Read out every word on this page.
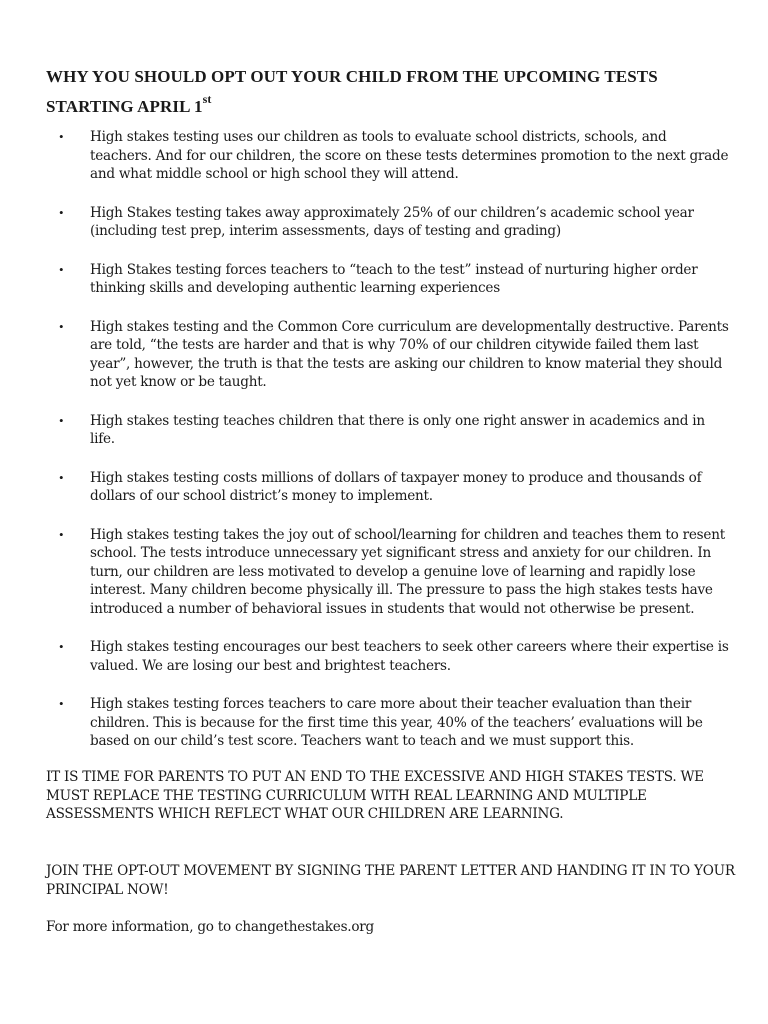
WHY YOU SHOULD OPT OUT YOUR CHILD FROM THE UPCOMING TESTS STARTING APRIL 1st
• High stakes testing uses our children as tools to evaluate school districts, schools, and teachers. And for our children, the score on these tests determines promotion to the next grade and what middle school or high school they will attend.
• High Stakes testing takes away approximately 25% of our children’s academic school year (including test prep, interim assessments, days of testing and grading)
• High Stakes testing forces teachers to “teach to the test” instead of nurturing higher order thinking skills and developing authentic learning experiences
• High stakes testing and the Common Core curriculum are developmentally destructive. Parents are told, “the tests are harder and that is why 70% of our children citywide failed them last year”, however, the truth is that the tests are asking our children to know material they should not yet know or be taught.
• High stakes testing teaches children that there is only one right answer in academics and in life.
• High stakes testing costs millions of dollars of taxpayer money to produce and thousands of dollars of our school district’s money to implement.
• High stakes testing takes the joy out of school/learning for children and teaches them to resent school. The tests introduce unnecessary yet significant stress and anxiety for our children. In turn, our children are less motivated to develop a genuine love of learning and rapidly lose interest. Many children become physically ill. The pressure to pass the high stakes tests have introduced a number of behavioral issues in students that would not otherwise be present.
• High stakes testing encourages our best teachers to seek other careers where their expertise is valued. We are losing our best and brightest teachers.
• High stakes testing forces teachers to care more about their teacher evaluation than their children. This is because for the first time this year, 40% of the teachers’ evaluations will be based on our child’s test score. Teachers want to teach and we must support this.
IT IS TIME FOR PARENTS TO PUT AN END TO THE EXCESSIVE AND HIGH STAKES TESTS. WE MUST REPLACE THE TESTING CURRICULUM WITH REAL LEARNING AND MULTIPLE ASSESSMENTS WHICH REFLECT WHAT OUR CHILDREN ARE LEARNING.
JOIN THE OPT-OUT MOVEMENT BY SIGNING THE PARENT LETTER AND HANDING IT IN TO YOUR PRINCIPAL NOW!
For more information, go to changethestakes.org
